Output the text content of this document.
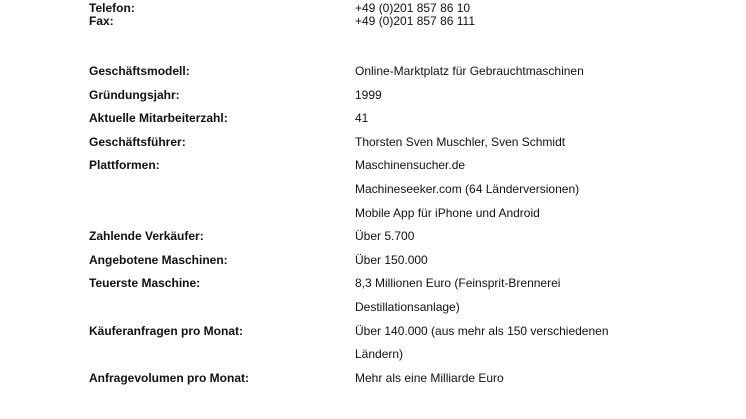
Telefon:	+49 (0)201 857 86 10
Fax:	+49 (0)201 857 86 111
Geschäftsmodell:	Online-Marktplatz für Gebrauchtmaschinen
Gründungsjahr:	1999
Aktuelle Mitarbeiterzahl:	41
Geschäftsführer:	Thorsten Sven Muschler, Sven Schmidt
Plattformen:	Maschinensucher.de
Machineseeker.com (64 Länderversionen)
Mobile App für iPhone und Android
Zahlende Verkäufer:	Über 5.700
Angebotene Maschinen:	Über 150.000
Teuerste Maschine:	8,3 Millionen Euro (Feinsprit-Brennerei
Destillationsanlage)
Käuferanfragen pro Monat:	Über 140.000 (aus mehr als 150 verschiedenen
Ländern)
Anfragevolumen pro Monat:	Mehr als eine Milliarde Euro
